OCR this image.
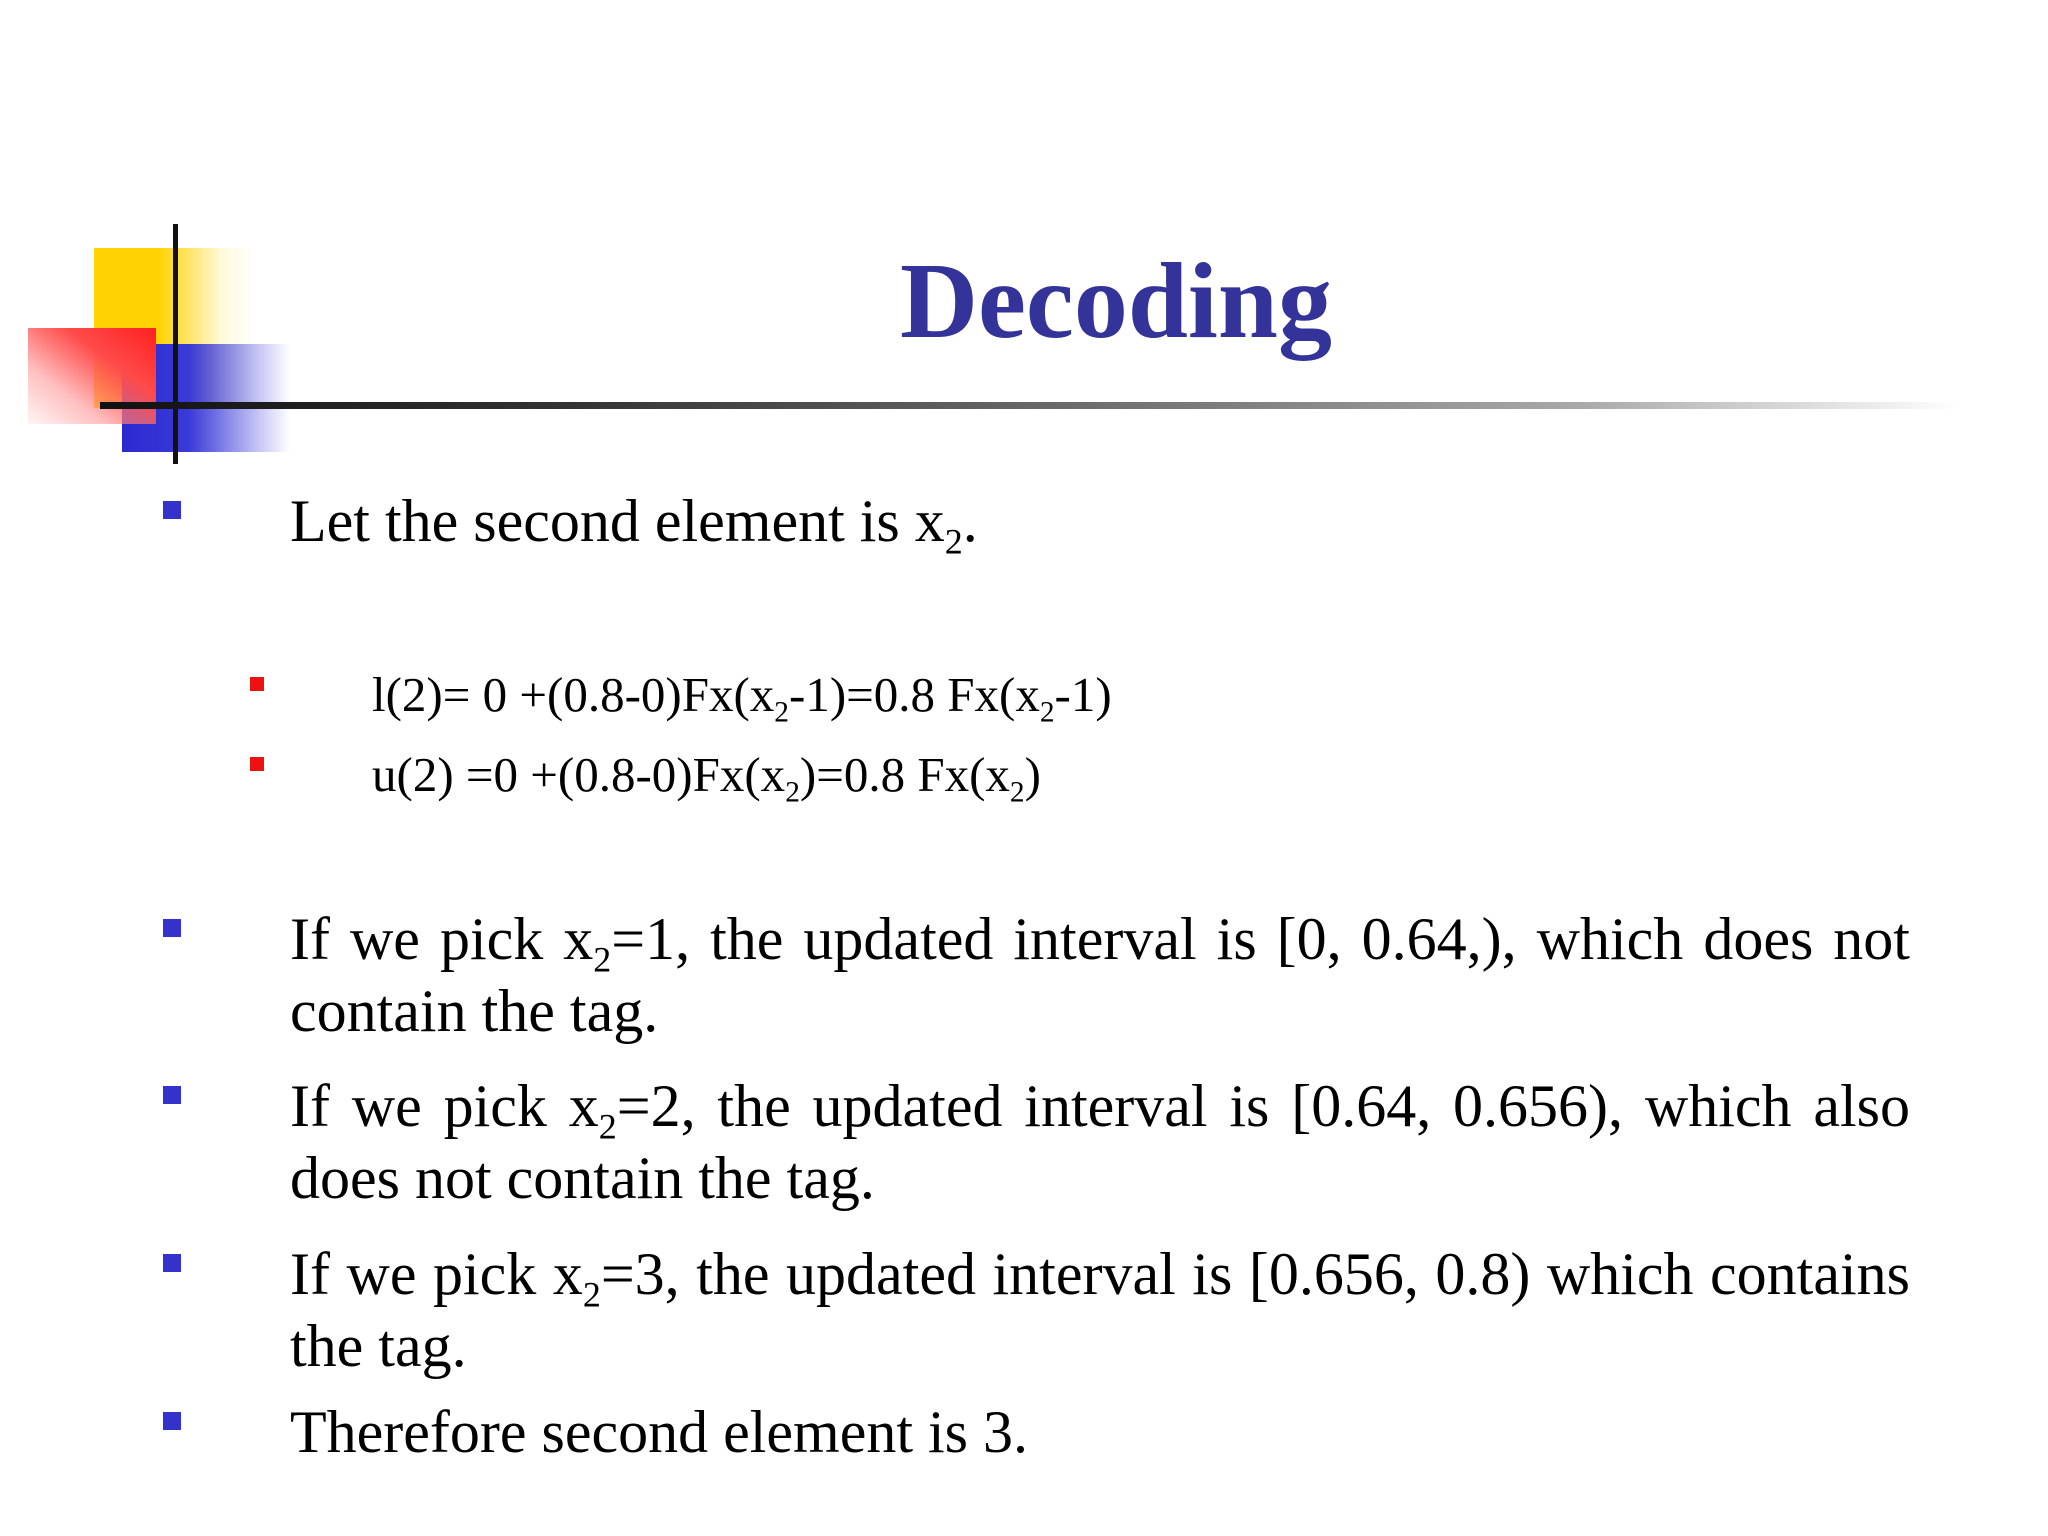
Decoding
Let the second element is $x_2$.
$l(2)= 0 +(0.8-0)Fx(x_2-1)=0.8$ $Fx(x_2-1)$
$u(2) =0 +(0.8-0)Fx(x_2)=0.8$ $Fx(x_2)$
If we pick $x_2=1$, the updated interval is [0, 0.64,), which does not contain the tag.
If we pick $x_2=2$, the updated interval is [0.64, 0.656), which also does not contain the tag.
If we pick $x_2=3$, the updated interval is [0.656, 0.8) which contains the tag.
Therefore second element is 3.
